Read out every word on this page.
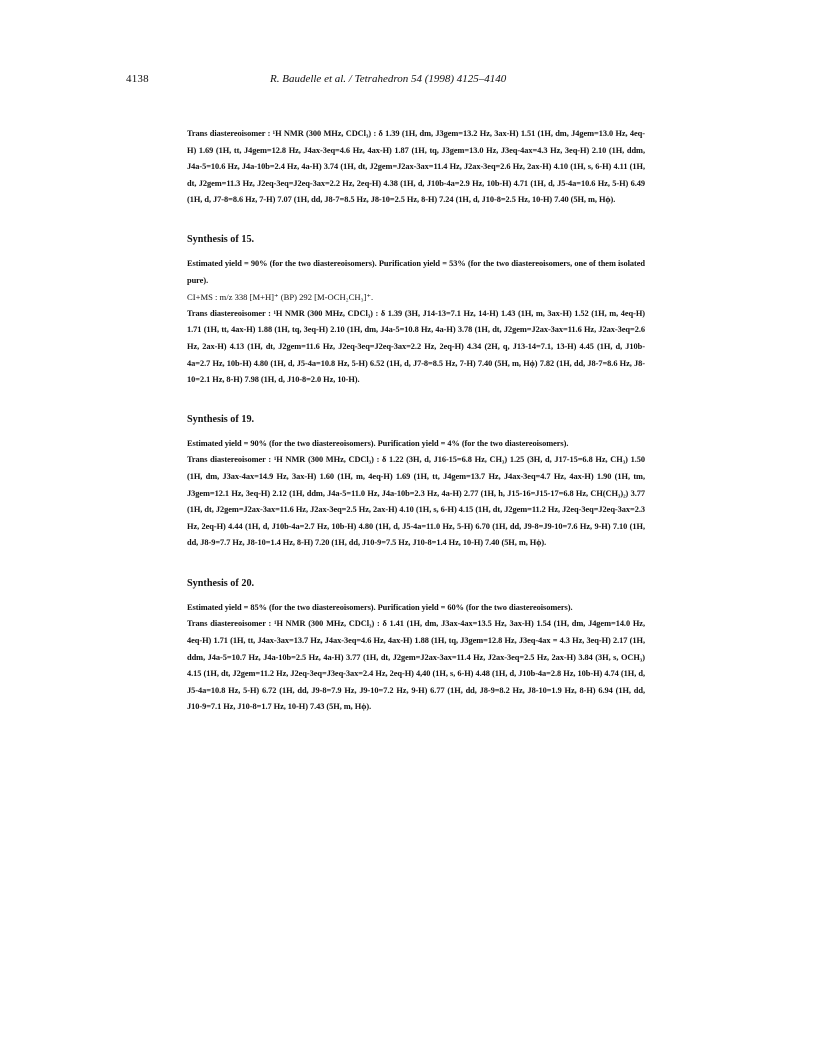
4138	R. Baudelle et al. / Tetrahedron 54 (1998) 4125–4140

Trans diastereoisomer : ¹H NMR (300 MHz, CDCl₃) : δ 1.39 (1H, dm, J3gem=13.2 Hz, 3ax-H) 1.51 (1H, dm, J4gem=13.0 Hz, 4eq-H) 1.69 (1H, tt, J4gem=12.8 Hz, J4ax-3eq=4.6 Hz, 4ax-H) 1.87 (1H, tq, J3gem=13.0 Hz, J3eq-4ax=4.3 Hz, 3eq-H) 2.10 (1H, ddm, J4a-5=10.6 Hz, J4a-10b=2.4 Hz, 4a-H) 3.74 (1H, dt, J2gem=J2ax-3ax=11.4 Hz, J2ax-3eq=2.6 Hz, 2ax-H) 4.10 (1H, s, 6-H) 4.11 (1H, dt, J2gem=11.3 Hz, J2eq-3eq=J2eq-3ax=2.2 Hz, 2eq-H) 4.38 (1H, d, J10b-4a=2.9 Hz, 10b-H) 4.71 (1H, d, J5-4a=10.6 Hz, 5-H) 6.49 (1H, d, J7-8=8.6 Hz, 7-H) 7.07 (1H, dd, J8-7=8.5 Hz, J8-10=2.5 Hz, 8-H) 7.24 (1H, d, J10-8=2.5 Hz, 10-H) 7.40 (5H, m, Hϕ).

Synthesis of 15.

Estimated yield = 90% (for the two diastereoisomers). Purification yield = 53% (for the two diastereoisomers, one of them isolated pure).

CI+MS : m/z 338 [M+H]⁺ (BP) 292 [M-OCH₂CH₃]⁺.

Trans diastereoisomer : ¹H NMR (300 MHz, CDCl₃) : δ 1.39 (3H, J14-13=7.1 Hz, 14-H) 1.43 (1H, m, 3ax-H) 1.52 (1H, m, 4eq-H) 1.71 (1H, tt, 4ax-H) 1.88 (1H, tq, 3eq-H) 2.10 (1H, dm, J4a-5=10.8 Hz, 4a-H) 3.78 (1H, dt, J2gem=J2ax-3ax=11.6 Hz, J2ax-3eq=2.6 Hz, 2ax-H) 4.13 (1H, dt, J2gem=11.6 Hz, J2eq-3eq=J2eq-3ax=2.2 Hz, 2eq-H) 4.34 (2H, q, J13-14=7.1, 13-H) 4.45 (1H, d, J10b-4a=2.7 Hz, 10b-H) 4.80 (1H, d, J5-4a=10.8 Hz, 5-H) 6.52 (1H, d, J7-8=8.5 Hz, 7-H) 7.40 (5H, m, Hϕ) 7.82 (1H, dd, J8-7=8.6 Hz, J8-10=2.1 Hz, 8-H) 7.98 (1H, d, J10-8=2.0 Hz, 10-H).

Synthesis of 19.

Estimated yield = 90% (for the two diastereoisomers). Purification yield = 4% (for the two diastereoisomers).

Trans diastereoisomer : ¹H NMR (300 MHz, CDCl₃) : δ 1.22 (3H, d, J16-15=6.8 Hz, CH₃) 1.25 (3H, d, J17-15=6.8 Hz, CH₃) 1.50 (1H, dm, J3ax-4ax=14.9 Hz, 3ax-H) 1.60 (1H, m, 4eq-H) 1.69 (1H, tt, J4gem=13.7 Hz, J4ax-3eq=4.7 Hz, 4ax-H) 1.90 (1H, tm, J3gem=12.1 Hz, 3eq-H) 2.12 (1H, ddm, J4a-5=11.0 Hz, J4a-10b=2.3 Hz, 4a-H) 2.77 (1H, h, J15-16=J15-17=6.8 Hz, CH(CH₃)₂) 3.77 (1H, dt, J2gem=J2ax-3ax=11.6 Hz, J2ax-3eq=2.5 Hz, 2ax-H) 4.10 (1H, s, 6-H) 4.15 (1H, dt, J2gem=11.2 Hz, J2eq-3eq=J2eq-3ax=2.3 Hz, 2eq-H) 4.44 (1H, d, J10b-4a=2.7 Hz, 10b-H) 4.80 (1H, d, J5-4a=11.0 Hz, 5-H) 6.70 (1H, dd, J9-8=J9-10=7.6 Hz, 9-H) 7.10 (1H, dd, J8-9=7.7 Hz, J8-10=1.4 Hz, 8-H) 7.20 (1H, dd, J10-9=7.5 Hz, J10-8=1.4 Hz, 10-H) 7.40 (5H, m, Hϕ).

Synthesis of 20.

Estimated yield = 85% (for the two diastereoisomers). Purification yield = 60% (for the two diastereoisomers).

Trans diastereoisomer : ¹H NMR (300 MHz, CDCl₃) : δ 1.41 (1H, dm, J3ax-4ax=13.5 Hz, 3ax-H) 1.54 (1H, dm, J4gem=14.0 Hz, 4eq-H) 1.71 (1H, tt, J4ax-3ax=13.7 Hz, J4ax-3eq=4.6 Hz, 4ax-H) 1.88 (1H, tq, J3gem=12.8 Hz, J3eq-4ax = 4.3 Hz, 3eq-H) 2.17 (1H, ddm, J4a-5=10.7 Hz, J4a-10b=2.5 Hz, 4a-H) 3.77 (1H, dt, J2gem=J2ax-3ax=11.4 Hz, J2ax-3eq=2.5 Hz, 2ax-H) 3.84 (3H, s, OCH₃) 4.15 (1H, dt, J2gem=11.2 Hz, J2eq-3eq=J3eq-3ax=2.4 Hz, 2eq-H) 4,40 (1H, s, 6-H) 4.48 (1H, d, J10b-4a=2.8 Hz, 10b-H) 4.74 (1H, d, J5-4a=10.8 Hz, 5-H) 6.72 (1H, dd, J9-8=7.9 Hz, J9-10=7.2 Hz, 9-H) 6.77 (1H, dd, J8-9=8.2 Hz, J8-10=1.9 Hz, 8-H) 6.94 (1H, dd, J10-9=7.1 Hz, J10-8=1.7 Hz, 10-H) 7.43 (5H, m, Hϕ).
